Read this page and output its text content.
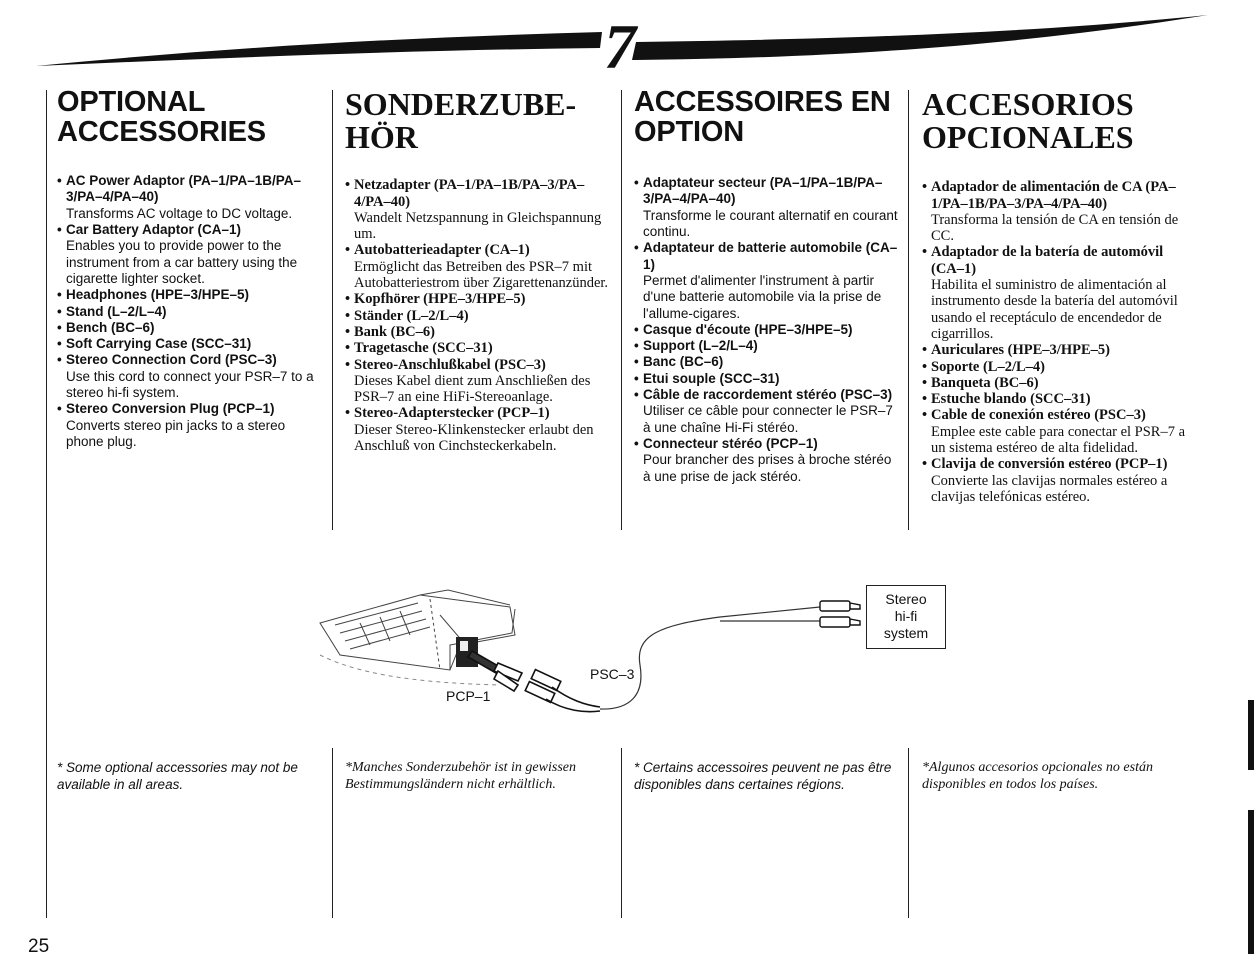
7
OPTIONAL ACCESSORIES
• AC Power Adaptor (PA–1/PA–1B/PA–3/PA–4/PA–40)
Transforms AC voltage to DC voltage.
• Car Battery Adaptor (CA–1)
Enables you to provide power to the instrument from a car battery using the cigarette lighter socket.
• Headphones (HPE–3/HPE–5)
• Stand (L–2/L–4)
• Bench (BC–6)
• Soft Carrying Case (SCC–31)
• Stereo Connection Cord (PSC–3)
Use this cord to connect your PSR–7 to a stereo hi-fi system.
• Stereo Conversion Plug (PCP–1)
Converts stereo pin jacks to a stereo phone plug.
SONDERZUBE-HÖR
• Netzadapter (PA–1/PA–1B/PA–3/PA–4/PA–40)
Wandelt Netzspannung in Gleichspannung um.
• Autobatterieadapter (CA–1)
Ermöglicht das Betreiben des PSR–7 mit Autobatteriestrom über Zigarettenanzünder.
• Kopfhörer (HPE–3/HPE–5)
• Ständer (L–2/L–4)
• Bank (BC–6)
• Tragetasche (SCC–31)
• Stereo-Anschlußkabel (PSC–3)
Dieses Kabel dient zum Anschließen des PSR–7 an eine HiFi-Stereoanlage.
• Stereo-Adapterstecker (PCP–1)
Dieser Stereo-Klinkenstecker erlaubt den Anschluß von Cinchsteckerkabeln.
ACCESSOIRES EN OPTION
• Adaptateur secteur (PA–1/PA–1B/PA–3/PA–4/PA–40)
Transforme le courant alternatif en courant continu.
• Adaptateur de batterie automobile (CA–1)
Permet d'alimenter l'instrument à partir d'une batterie automobile via la prise de l'allume-cigares.
• Casque d'écoute (HPE–3/HPE–5)
• Support (L–2/L–4)
• Banc (BC–6)
• Etui souple (SCC–31)
• Câble de raccordement stéréo (PSC–3)
Utiliser ce câble pour connecter le PSR–7 à une chaîne Hi-Fi stéréo.
• Connecteur stéréo (PCP–1)
Pour brancher des prises à broche stéréo à une prise de jack stéréo.
ACCESORIOS OPCIONALES
• Adaptador de alimentación de CA (PA–1/PA–1B/PA–3/PA–4/PA–40)
Transforma la tensión de CA en tensión de CC.
• Adaptador de la batería de automóvil (CA–1)
Habilita el suministro de alimentación al instrumento desde la batería del automóvil usando el receptáculo de encendedor de cigarrillos.
• Auriculares (HPE–3/HPE–5)
• Soporte (L–2/L–4)
• Banqueta (BC–6)
• Estuche blando (SCC–31)
• Cable de conexión estéreo (PSC–3)
Emplee este cable para conectar el PSR–7 a un sistema estéreo de alta fidelidad.
• Clavija de conversión estéreo (PCP–1)
Convierte las clavijas normales estéreo a clavijas telefónicas estéreo.
PCP–1
PSC–3
Stereo hi-fi system
* Some optional accessories may not be available in all areas.
*Manches Sonderzubehör ist in gewissen Bestimmungsländern nicht erhältlich.
* Certains accessoires peuvent ne pas être disponibles dans certaines régions.
*Algunos accesorios opcionales no están disponibles en todos los países.
25
